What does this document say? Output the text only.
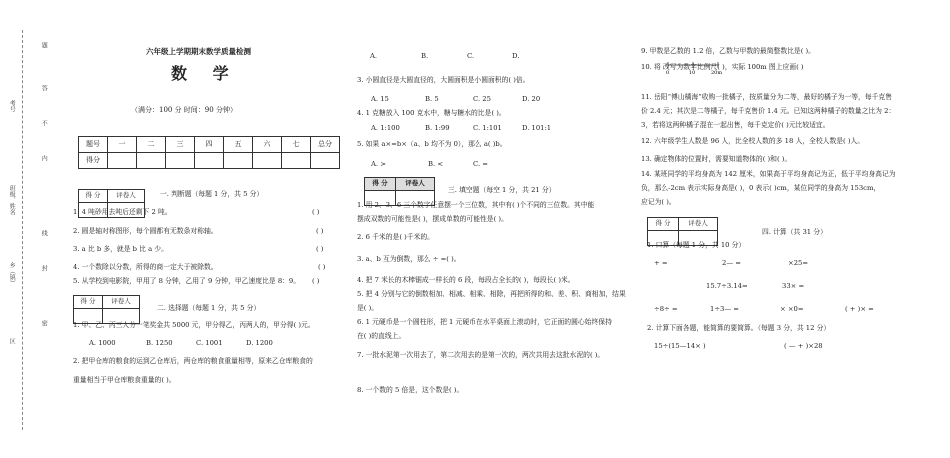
考号
班级、姓名
乡（镇）
区
题
答
不
内
线
封
密
六年级上学期期末数学质量检测
数 学
（满分：100 分 时间：90 分钟）
题号	一	二	三	四	五	六	七	总分
得分								
得 分	评卷人
		一. 判断题（每题 1 分，共 5 分）
1. 4 吨砂用去吨后还剩下 2 吨。	( )
2. 圆是轴对称图形，每个圆都有无数条对称轴。	( )
3. a 比 b 多，就是 b 比 a 少。	( )
4. 一个数除以分数，所得的商一定大于被除数。	( )
5. 从学校到电影院，甲用了 8 分钟，乙用了 9 分钟，甲乙速度比是 8：9。 ( )
得 分	评卷人

二. 选择题（每题 1 分，共 5 分）
1. 甲、乙、丙三人分一笔奖金共 5000 元，甲分得乙，丙两人的，甲分得( )元。
A. 1000	B. 1250	C. 1001	D. 1200
2. 把甲仓库的粮食的运到乙仓库后，两仓库的粮食重量相等，原来乙仓库粮食的
重量相当于甲仓库粮食重量的( )。
A.	B.	C.	D.
3. 小圆直径是大圆直径的，大圆面积是小圆面积的( )倍。
A. 15	B. 5	C. 25	D. 20
4. 1 克糖放入 100 克水中，糖与糖水的比是( )。
A. 1:100	B. 1:99	C. 1:101	D. 101:1
5. 如果 a×=b×（a、b 均不为 0），那么 a( )b。
A. >	B. <	C. =
得 分	评卷人

三. 填空题（每空 1 分，共 21 分）
1. 用 2、3、6 三个数字任意摆一个三位数，其中有( )个不同的三位数。其中能
摆成双数的可能性是( )，摆成单数的可能性是( )。
2. 6 千米的是( )千米的。
3. a、b 互为倒数，那么 ÷ =( )。
4. 把 7 米长的木棒锯成一样长的 6 段，每段占全长的( )，每段长( )米。
5. 把 4 分别与它的倒数相加、相减、相乘、相除，再把所得的和、差、积、商相加，结果
是( )。
6. 1 元硬币是一个圆柱形，把 1 元硬币在水平桌面上滚动时，它正面的圆心始终保持
在( )的直线上。
7. 一批水泥第一次用去了，第二次用去的是第一次的，两次共用去这批水泥的( )。
8. 一个数的 5 倍是，这个数是( )。
9. 甲数是乙数的 1.2 倍，乙数与甲数的最简整数比是( )。
10. 将 改写为数字比例尺( )，实际 100m 图上应画( )
0	10	20m
11. 岳阳“傅山橘海”收购一批橘子，按质量分为二等，最好的橘子为一等，每千克售
价 2.4 元；其次是二等橘子，每千克售价 1.4 元。已知这两种橘子的数量之比为 2：
3，若将这两种橘子混在一起出售，每千克定价( )元比较适宜。
12. 六年级学生人数是 96 人，比全校人数的多 18 人，全校人数是( )人。
13. 确定物体的位置时，需要知道物体的( )和( )。
14. 某班同学的平均身高为 142 厘米，如果高于平均身高记为正，低于平均身高记为
负，那么-2cm 表示实际身高是( )，0 表示( )cm，某位同学的身高为 153cm，
应记为( )。
得 分	评卷人

四. 计算（共 31 分）
1. 口算（每题 1 分，共 10 分）
+ =	2— =	×25=
15.7÷3.14=	33× =
÷8÷ =	1÷3— =	× ×0=	( + )× =
2. 计算下面各题，能简算的要简算。（每题 3 分，共 12 分）
15÷(15—14× )	( — + )×28
